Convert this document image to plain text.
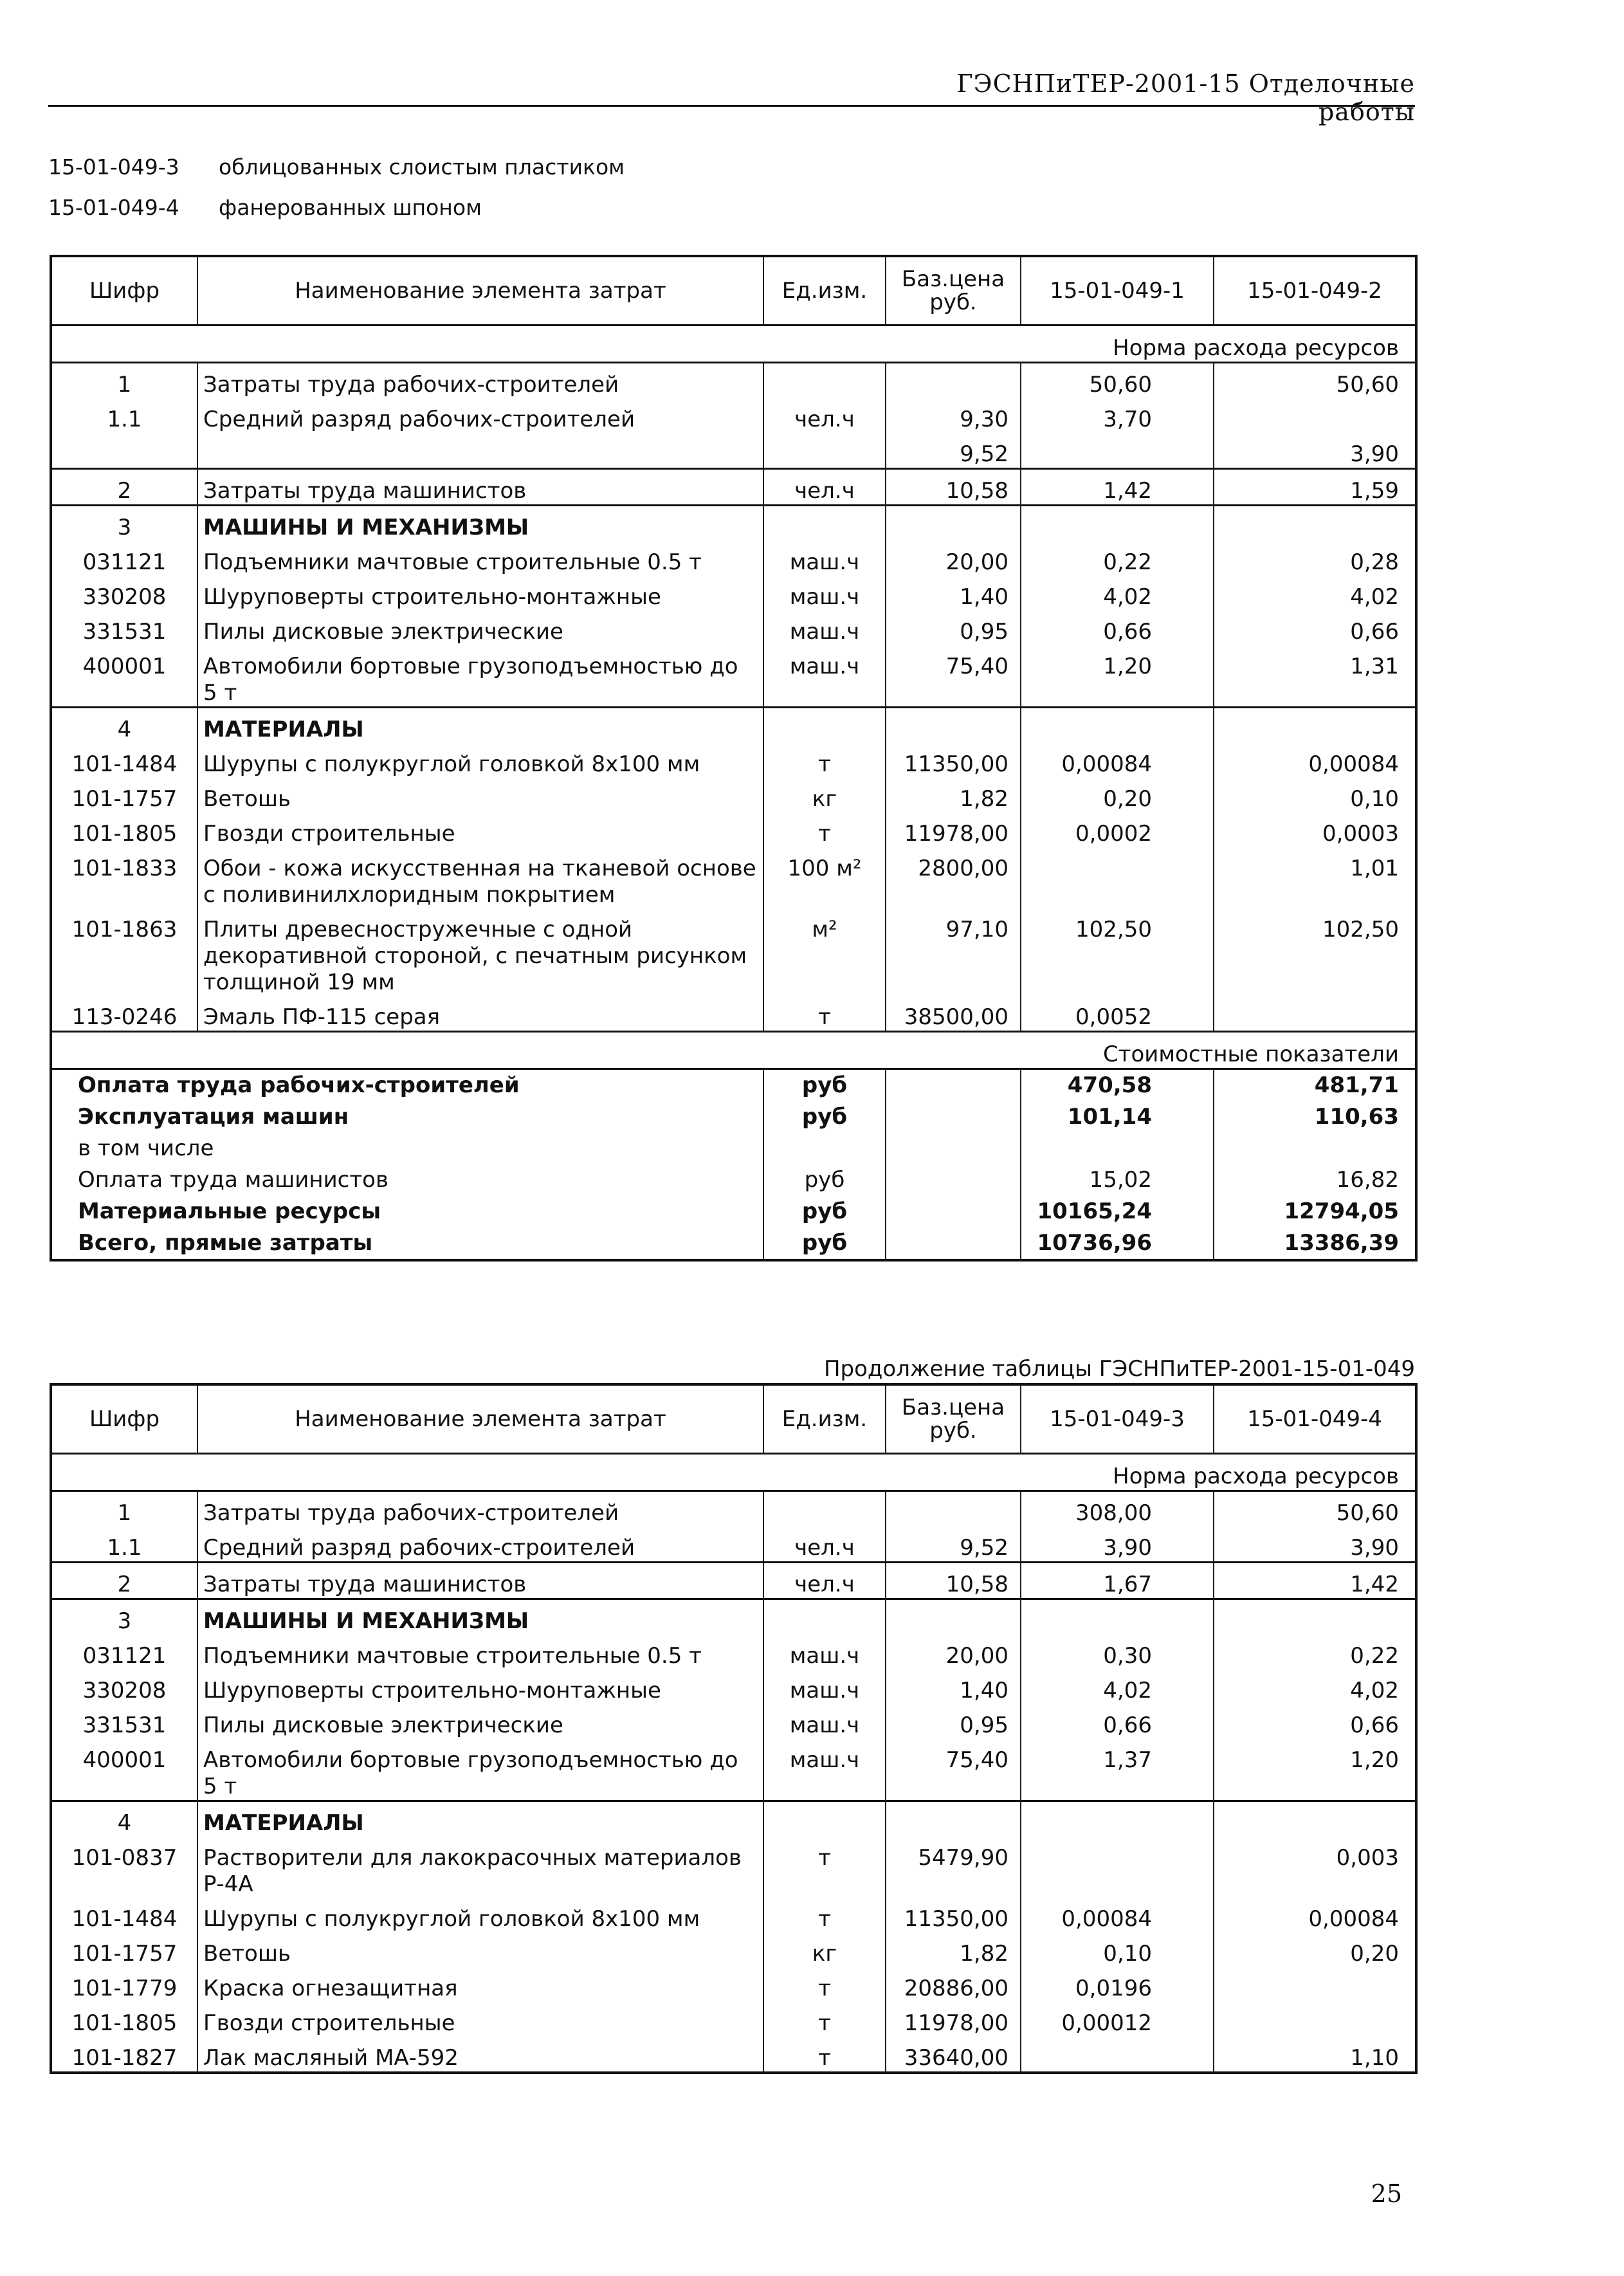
ГЭСНПиТЕР-2001-15 Отделочные работы
15-01-049-3 облицованных слоистым пластиком
15-01-049-4 фанерованных шпоном
Шифр	Наименование элемента затрат	Ед.изм.	Баз.цена руб.	15-01-049-1	15-01-049-2
Норма расхода ресурсов					
1	Затраты труда рабочих-строителей			50,60	50,60
1.1	Средний разряд рабочих-строителей	чел.ч	9,30	3,70	
			9,52		3,90
2	Затраты труда машинистов	чел.ч	10,58	1,42	1,59
3	МАШИНЫ И МЕХАНИЗМЫ				
031121	Подъемники мачтовые строительные 0.5 т	маш.ч	20,00	0,22	0,28
330208	Шуруповерты строительно-монтажные	маш.ч	1,40	4,02	4,02
331531	Пилы дисковые электрические	маш.ч	0,95	0,66	0,66
400001	Автомобили бортовые грузоподъемностью до 5 т	маш.ч	75,40	1,20	1,31
4	МАТЕРИАЛЫ				
101-1484	Шурупы с полукруглой головкой 8х100 мм	т	11350,00	0,00084	0,00084
101-1757	Ветошь	кг	1,82	0,20	0,10
101-1805	Гвозди строительные	т	11978,00	0,0002	0,0003
101-1833	Обои - кожа искусственная на тканевой основе с поливинилхлоридным покрытием	100 м²	2800,00		1,01
101-1863	Плиты древесностружечные с одной декоративной стороной, с печатным рисунком толщиной 19 мм	м²	97,10	102,50	102,50
113-0246	Эмаль ПФ-115 серая	т	38500,00	0,0052	
Стоимостные показатели					
Оплата труда рабочих-строителей		руб		470,58	481,71
Эксплуатация машин		руб		101,14	110,63
в том числе					
Оплата труда машинистов		руб		15,02	16,82
Материальные ресурсы		руб		10165,24	12794,05
Всего, прямые затраты		руб		10736,96	13386,39
Продолжение таблицы ГЭСНПиТЕР-2001-15-01-049
Шифр	Наименование элемента затрат	Ед.изм.	Баз.цена руб.	15-01-049-3	15-01-049-4
Норма расхода ресурсов					
1	Затраты труда рабочих-строителей			308,00	50,60
1.1	Средний разряд рабочих-строителей	чел.ч	9,52	3,90	3,90
2	Затраты труда машинистов	чел.ч	10,58	1,67	1,42
3	МАШИНЫ И МЕХАНИЗМЫ				
031121	Подъемники мачтовые строительные 0.5 т	маш.ч	20,00	0,30	0,22
330208	Шуруповерты строительно-монтажные	маш.ч	1,40	4,02	4,02
331531	Пилы дисковые электрические	маш.ч	0,95	0,66	0,66
400001	Автомобили бортовые грузоподъемностью до 5 т	маш.ч	75,40	1,37	1,20
4	МАТЕРИАЛЫ				
101-0837	Растворители для лакокрасочных материалов Р-4А	т	5479,90		0,003
101-1484	Шурупы с полукруглой головкой 8х100 мм	т	11350,00	0,00084	0,00084
101-1757	Ветошь	кг	1,82	0,10	0,20
101-1779	Краска огнезащитная	т	20886,00	0,0196	
101-1805	Гвозди строительные	т	11978,00	0,00012	
101-1827	Лак масляный МА-592	т	33640,00		1,10
25
